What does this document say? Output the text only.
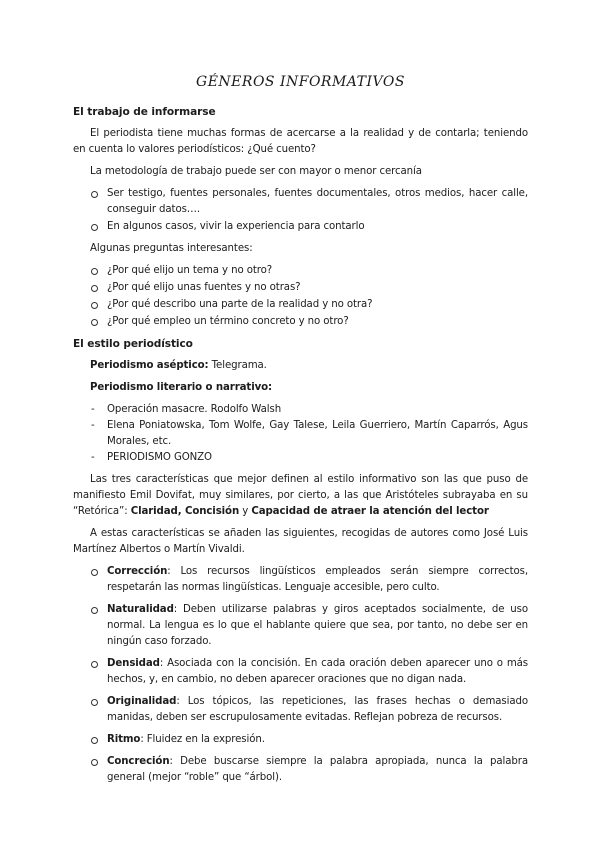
GÉNEROS INFORMATIVOS
El trabajo de informarse
El periodista tiene muchas formas de acercarse a la realidad y de contarla; teniendo en cuenta lo valores periodísticos: ¿Qué cuento?
La metodología de trabajo puede ser con mayor o menor cercanía
Ser testigo, fuentes personales, fuentes documentales, otros medios, hacer calle, conseguir datos….
En algunos casos, vivir la experiencia para contarlo
Algunas preguntas interesantes:
¿Por qué elijo un tema y no otro?
¿Por qué elijo unas fuentes y no otras?
¿Por qué describo una parte de la realidad y no otra?
¿Por qué empleo un término concreto y no otro?
El estilo periodístico
Periodismo aséptico: Telegrama.
Periodismo literario o narrativo:
- Operación masacre. Rodolfo Walsh
- Elena Poniatowska, Tom Wolfe, Gay Talese, Leila Guerriero, Martín Caparrós, Agus Morales, etc.
- PERIODISMO GONZO
Las tres características que mejor definen al estilo informativo son las que puso de manifiesto Emil Dovifat, muy similares, por cierto, a las que Aristóteles subrayaba en su “Retórica”: Claridad, Concisión y Capacidad de atraer la atención del lector
A estas características se añaden las siguientes, recogidas de autores como José Luis Martínez Albertos o Martín Vivaldi.
Corrección: Los recursos lingüísticos empleados serán siempre correctos, respetarán las normas lingüísticas. Lenguaje accesible, pero culto.
Naturalidad: Deben utilizarse palabras y giros aceptados socialmente, de uso normal. La lengua es lo que el hablante quiere que sea, por tanto, no debe ser en ningún caso forzado.
Densidad: Asociada con la concisión. En cada oración deben aparecer uno o más hechos, y, en cambio, no deben aparecer oraciones que no digan nada.
Originalidad: Los tópicos, las repeticiones, las frases hechas o demasiado manidas, deben ser escrupulosamente evitadas. Reflejan pobreza de recursos.
Ritmo: Fluidez en la expresión.
Concreción: Debe buscarse siempre la palabra apropiada, nunca la palabra general (mejor “roble” que “árbol).
